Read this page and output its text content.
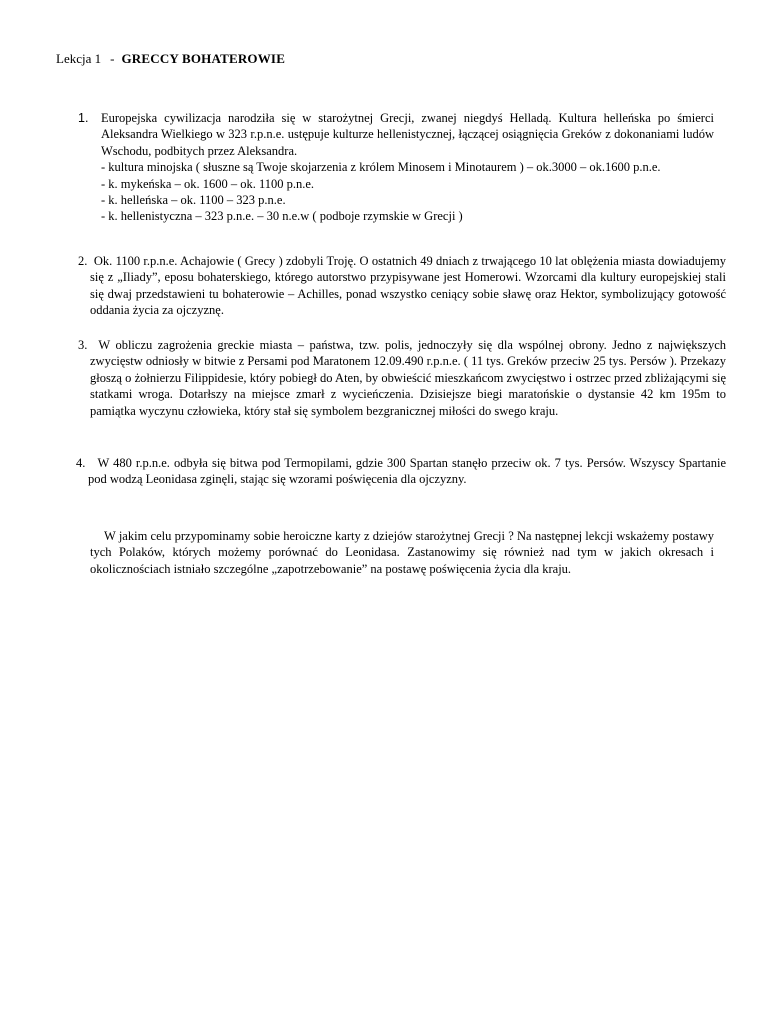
Lekcja 1 - GRECCY BOHATEROWIE
1. Europejska cywilizacja narodziła się w starożytnej Grecji, zwanej niegdyś Helladą. Kultura helleńska po śmierci Aleksandra Wielkiego w 323 r.p.n.e. ustępuje kulturze hellenistycznej, łączącej osiągnięcia Greków z dokonaniami ludów Wschodu, podbitych przez Aleksandra.

- kultura minojska ( słuszne są Twoje skojarzenia z królem Minosem i Minotaurem ) – ok.3000 – ok.1600 p.n.e.

- k. mykeńska – ok. 1600 – ok. 1100 p.n.e.

- k. helleńska – ok. 1100 – 323 p.n.e.

- k. hellenistyczna – 323 p.n.e. – 30 n.e.w ( podboje rzymskie w Grecji )

2. Ok. 1100 r.p.n.e. Achajowie ( Grecy ) zdobyli Troję. O ostatnich 49 dniach z trwającego 10 lat oblężenia miasta dowiadujemy się z „Iliady”, eposu bohaterskiego, którego autorstwo przypisywane jest Homerowi. Wzorcami dla kultury europejskiej stali się dwaj przedstawieni tu bohaterowie – Achilles, ponad wszystko ceniący sobie sławę oraz Hektor, symbolizujący gotowość oddania życia za ojczyznę.
3. W obliczu zagrożenia greckie miasta – państwa, tzw. polis, jednoczyły się dla wspólnej obrony. Jedno z największych zwycięstw odniosły w bitwie z Persami pod Maratonem 12.09.490 r.p.n.e. ( 11 tys. Greków przeciw 25 tys. Persów ). Przekazy głoszą o żołnierzu Filippidesie, który pobiegł do Aten, by obwieścić mieszkańcom zwycięstwo i ostrzec przed zbliżającymi się statkami wroga. Dotarłszy na miejsce zmarł z wycieńczenia. Dzisiejsze biegi maratońskie o dystansie 42 km 195m to pamiątka wyczynu człowieka, który stał się symbolem bezgranicznej miłości do swego kraju.
4. W 480 r.p.n.e. odbyła się bitwa pod Termopilami, gdzie 300 Spartan stanęło przeciw ok. 7 tys. Persów. Wszyscy Spartanie pod wodzą Leonidasa zginęli, stając się wzorami poświęcenia dla ojczyzny.
W jakim celu przypominamy sobie heroiczne karty z dziejów starożytnej Grecji ? Na następnej lekcji wskażemy postawy tych Polaków, których możemy porównać do Leonidasa. Zastanowimy się również nad tym w jakich okresach i okolicznościach istniało szczególne „zapotrzebowanie” na postawę poświęcenia życia dla kraju.
